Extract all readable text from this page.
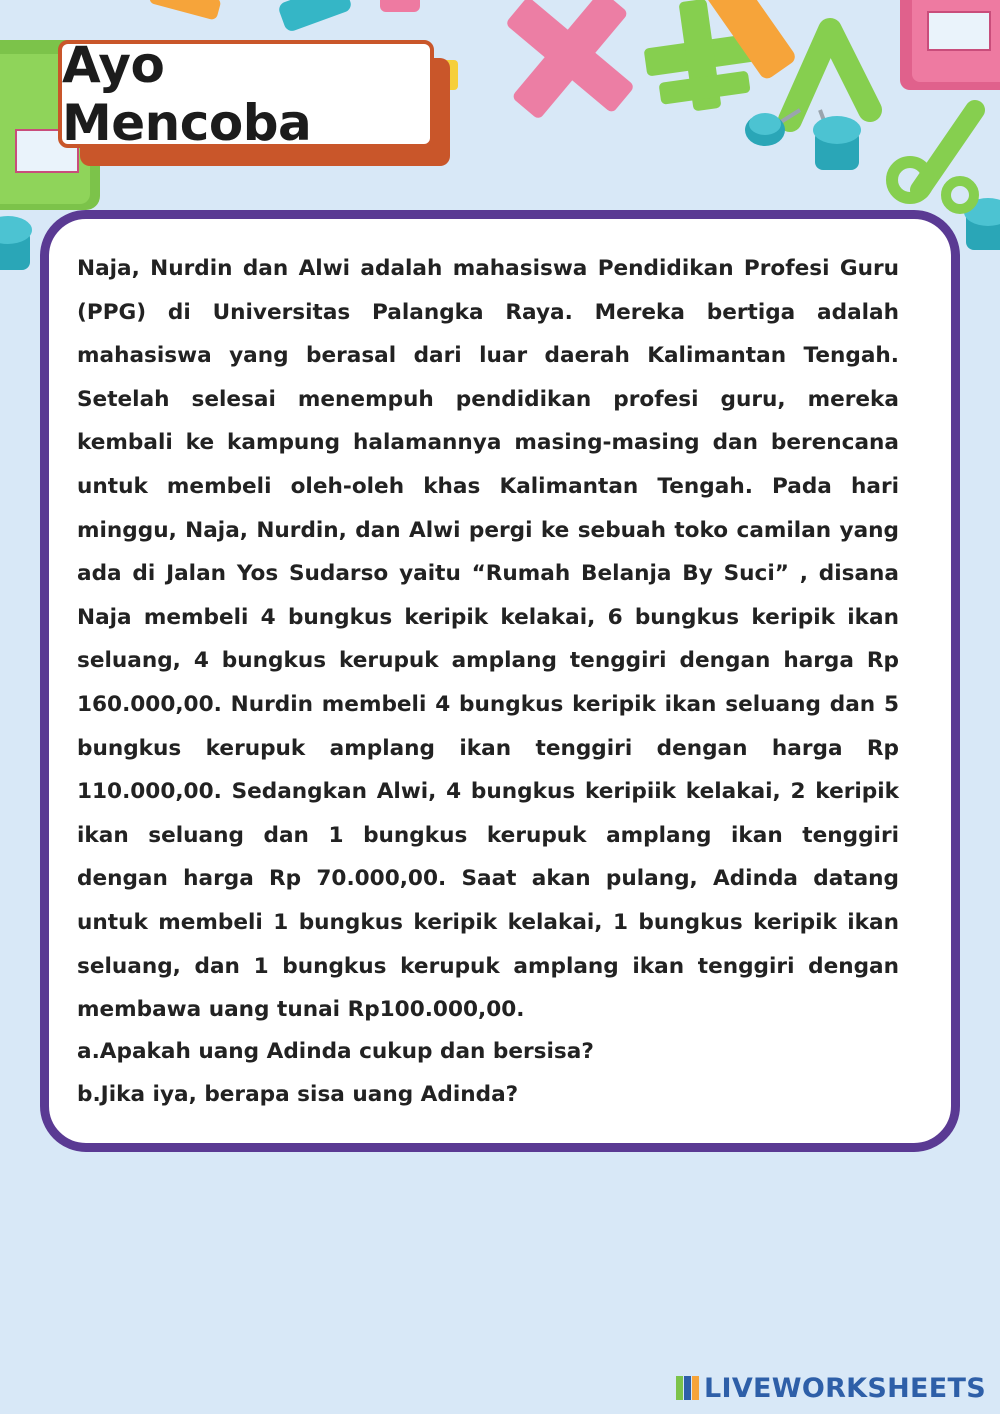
Ayo Mencoba

Naja, Nurdin dan Alwi adalah mahasiswa Pendidikan Profesi Guru (PPG) di Universitas Palangka Raya. Mereka bertiga adalah mahasiswa yang berasal dari luar daerah Kalimantan Tengah. Setelah selesai menempuh pendidikan profesi guru, mereka kembali ke kampung halamannya masing-masing dan berencana untuk membeli oleh-oleh khas Kalimantan Tengah. Pada hari minggu, Naja, Nurdin, dan Alwi pergi ke sebuah toko camilan yang ada di Jalan Yos Sudarso yaitu “Rumah Belanja By Suci” , disana Naja membeli 4 bungkus keripik kelakai, 6 bungkus keripik ikan seluang, 4 bungkus kerupuk amplang tenggiri dengan harga Rp 160.000,00. Nurdin membeli 4 bungkus keripik ikan seluang dan 5 bungkus kerupuk amplang ikan tenggiri dengan harga Rp 110.000,00. Sedangkan Alwi, 4 bungkus keripiik kelakai, 2 keripik ikan seluang dan 1 bungkus kerupuk amplang ikan tenggiri dengan harga Rp 70.000,00. Saat akan pulang, Adinda datang untuk membeli 1 bungkus keripik kelakai, 1 bungkus keripik ikan seluang, dan 1 bungkus kerupuk amplang ikan tenggiri dengan membawa uang tunai Rp100.000,00.

a.Apakah uang Adinda cukup dan bersisa?

b.Jika iya, berapa sisa uang Adinda?

LIVEWORKSHEETS
